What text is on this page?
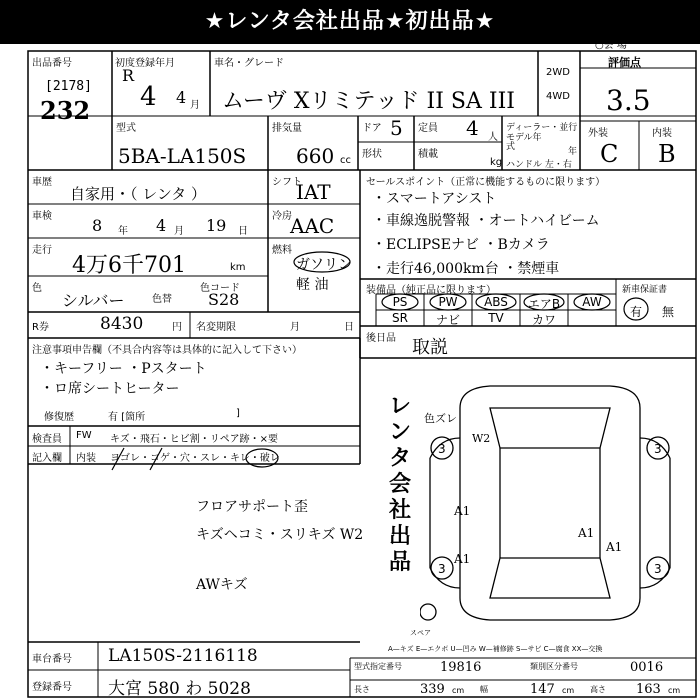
★レンタ会社出品★初出品★
○会 場
出品番号
[2178]
232
初度登録年月
R
4 4 月
車名・グレード
ムーヴ Xリミテッド II SA III
2WD
4WD
評価点
3.5
外装	内装
C B
型式
5BA-LA150S
排気量
660 cc
ドア 5 定員 4 人
形状	積載
kg
ディーラー・並行
モデル年式	年
ハンドル 左・右
車歴
自家用・（ レンタ ）
シフト
IAT
車検	8 年 4 月 19 日
冷房
AAC
走行
4万6千701	km
燃料
ガソリン
軽 油
色
シルバー	色替
色コード
S28
R券	8430	円 名変期限	月	日
セールスポイント（正常に機能するものに限ります）
・スマートアシスト
・車線逸脱警報 ・オートハイビーム
・ECLIPSEナビ ・Bカメラ
・走行46,000km台 ・禁煙車
装備品（純正品に限ります）
PS	PW	ABS	エアB	AW
SR	ナビ	TV	カワ
新車保証書
有 無
後日品 取説
注意事項申告欄（不具合内容等は具体的に記入して下さい）
・キーフリー ・Pスタート
・ロ席シートヒーター
修復歴	有 [箇所	]
検査員
記入欄
FW
内装
キズ・飛石・ヒビ割・リペア跡・×要
ヨゴレ・コゲ・穴・スレ・キレ・破レ
フロアサポート歪
キズヘコミ・スリキズ W2
AWキズ
レンタ会社出品
3	3
3	3
色ズレ
W2
A1
A1
A1
A1
スペア
A—キズ E—エクボ U—凹み W—補修跡 S—サビ C—腐食 XX—交換
車台番号 LA150S-2116118
登録番号 大宮 580 わ 5028
型式指定番号	19816	類別区分番号	0016
長さ	339 cm 幅	147 cm 高さ 163 cm
